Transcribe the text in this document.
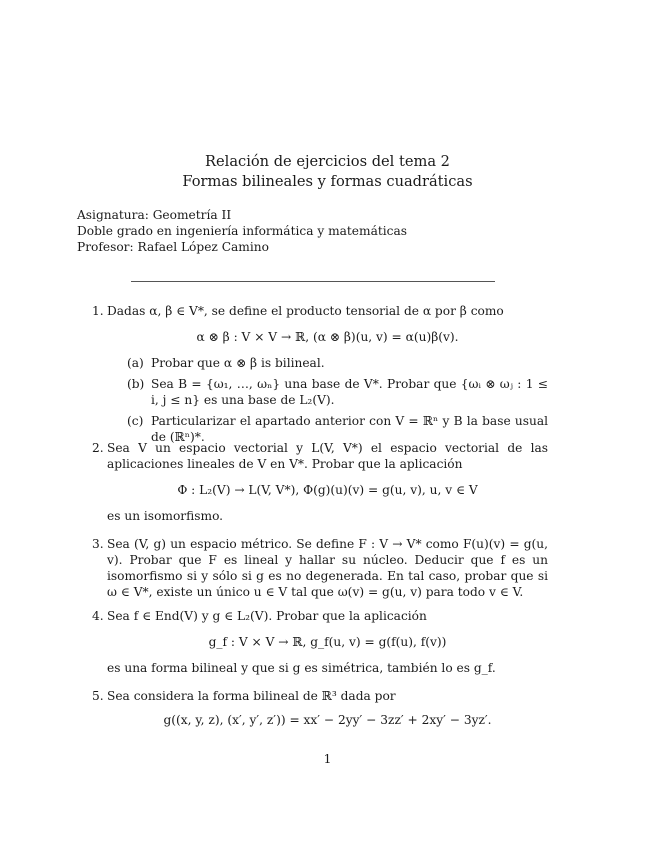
Relación de ejercicios del tema 2
Formas bilineales y formas cuadráticas
Asignatura: Geometría II
Doble grado en ingeniería informática y matemáticas
Profesor: Rafael López Camino
1. Dadas α, β ∈ V*, se define el producto tensorial de α por β como
α ⊗ β : V × V → ℝ, (α ⊗ β)(u, v) = α(u)β(v).
(a) Probar que α ⊗ β is bilineal.
(b) Sea B = {ω₁, …, ωₙ} una base de V*. Probar que {ωᵢ ⊗ ωⱼ : 1 ≤ i, j ≤ n} es una base de L₂(V).
(c) Particularizar el apartado anterior con V = ℝⁿ y B la base usual de (ℝⁿ)*.
2. Sea V un espacio vectorial y L(V, V*) el espacio vectorial de las aplicaciones lineales de V en V*. Probar que la aplicación
Φ : L₂(V) → L(V, V*), Φ(g)(u)(v) = g(u, v), u, v ∈ V
es un isomorfismo.
3. Sea (V, g) un espacio métrico. Se define F : V → V* como F(u)(v) = g(u, v). Probar que F es lineal y hallar su núcleo. Deducir que f es un isomorfismo si y sólo si g es no degenerada. En tal caso, probar que si ω ∈ V*, existe un único u ∈ V tal que ω(v) = g(u, v) para todo v ∈ V.
4. Sea f ∈ End(V) y g ∈ L₂(V). Probar que la aplicación
g_f : V × V → ℝ, g_f(u, v) = g(f(u), f(v))
es una forma bilineal y que si g es simétrica, también lo es g_f.
5. Sea considera la forma bilineal de ℝ³ dada por
g((x, y, z), (x′, y′, z′)) = xx′ − 2yy′ − 3zz′ + 2xy′ − 3yz′.
1
